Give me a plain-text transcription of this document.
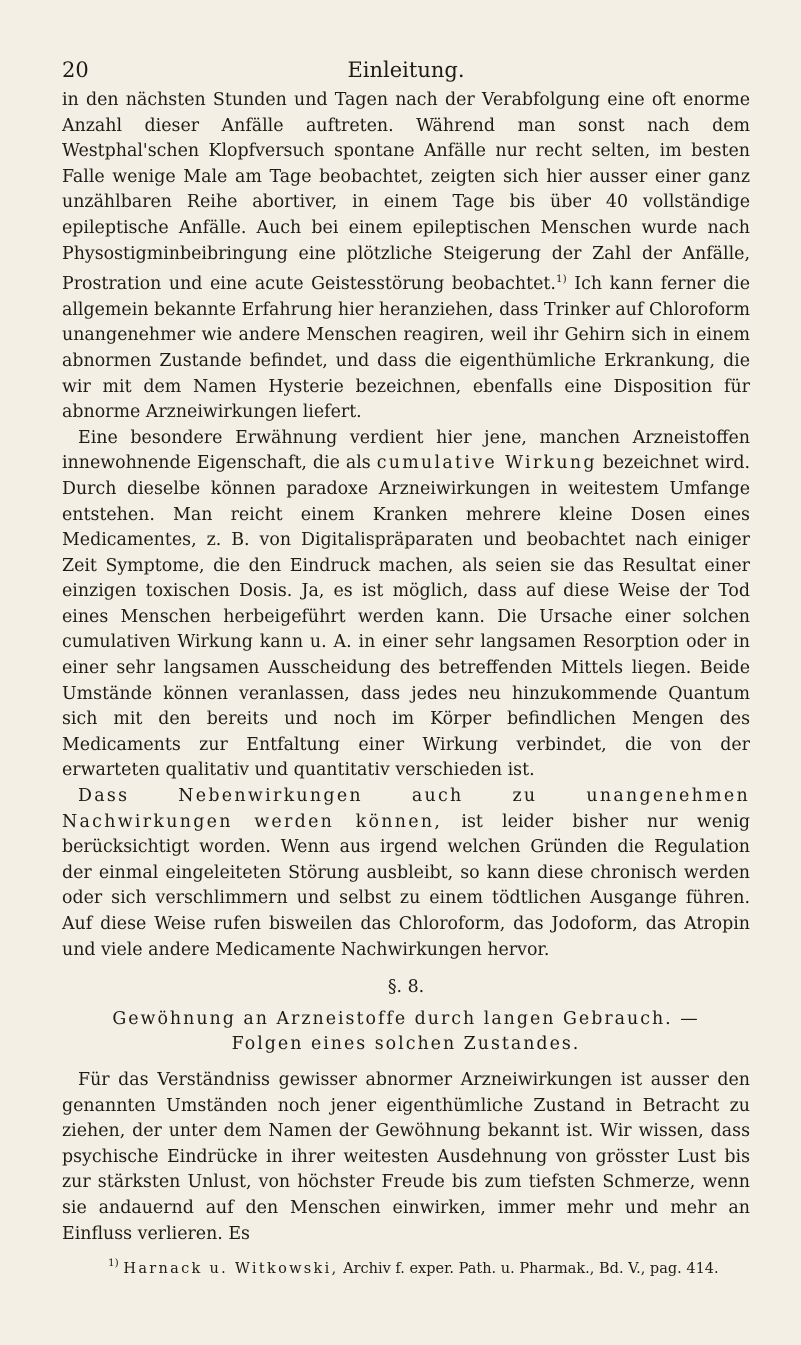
20	Einleitung.

in den nächsten Stunden und Tagen nach der Verabfolgung eine oft enorme Anzahl dieser Anfälle auftreten. Während man sonst nach dem Westphal'schen Klopfversuch spontane Anfälle nur recht selten, im besten Falle wenige Male am Tage beobachtet, zeigten sich hier ausser einer ganz unzählbaren Reihe abortiver, in einem Tage bis über 40 vollständige epileptische Anfälle. Auch bei einem epileptischen Menschen wurde nach Physostigminbeibringung eine plötzliche Steigerung der Zahl der Anfälle, Prostration und eine acute Geistesstörung beobachtet.$^{1)}$ Ich kann ferner die allgemein bekannte Erfahrung hier heranziehen, dass Trinker auf Chloroform unangenehmer wie andere Menschen reagiren, weil ihr Gehirn sich in einem abnormen Zustande befindet, und dass die eigenthümliche Erkrankung, die wir mit dem Namen Hysterie bezeichnen, ebenfalls eine Disposition für abnorme Arzneiwirkungen liefert.

Eine besondere Erwähnung verdient hier jene, manchen Arzneistoffen innewohnende Eigenschaft, die als cumulative Wirkung bezeichnet wird. Durch dieselbe können paradoxe Arzneiwirkungen in weitestem Umfange entstehen. Man reicht einem Kranken mehrere kleine Dosen eines Medicamentes, z. B. von Digitalispräparaten und beobachtet nach einiger Zeit Symptome, die den Eindruck machen, als seien sie das Resultat einer einzigen toxischen Dosis. Ja, es ist möglich, dass auf diese Weise der Tod eines Menschen herbeigeführt werden kann. Die Ursache einer solchen cumulativen Wirkung kann u. A. in einer sehr langsamen Resorption oder in einer sehr langsamen Ausscheidung des betreffenden Mittels liegen. Beide Umstände können veranlassen, dass jedes neu hinzukommende Quantum sich mit den bereits und noch im Körper befindlichen Mengen des Medicaments zur Entfaltung einer Wirkung verbindet, die von der erwarteten qualitativ und quantitativ verschieden ist.

Dass Nebenwirkungen auch zu unangenehmen Nachwirkungen werden können, ist leider bisher nur wenig berücksichtigt worden. Wenn aus irgend welchen Gründen die Regulation der einmal eingeleiteten Störung ausbleibt, so kann diese chronisch werden oder sich verschlimmern und selbst zu einem tödtlichen Ausgange führen. Auf diese Weise rufen bisweilen das Chloroform, das Jodoform, das Atropin und viele andere Medicamente Nachwirkungen hervor.

§. 8.
Gewöhnung an Arzneistoffe durch langen Gebrauch. —
Folgen eines solchen Zustandes.

Für das Verständniss gewisser abnormer Arzneiwirkungen ist ausser den genannten Umständen noch jener eigenthümliche Zustand in Betracht zu ziehen, der unter dem Namen der Gewöhnung bekannt ist. Wir wissen, dass psychische Eindrücke in ihrer weitesten Ausdehnung von grösster Lust bis zur stärksten Unlust, von höchster Freude bis zum tiefsten Schmerze, wenn sie andauernd auf den Menschen einwirken, immer mehr und mehr an Einfluss verlieren. Es

$^{1)}$ Harnack u. Witkowski, Archiv f. exper. Path. u. Pharmak., Bd. V., pag. 414.
